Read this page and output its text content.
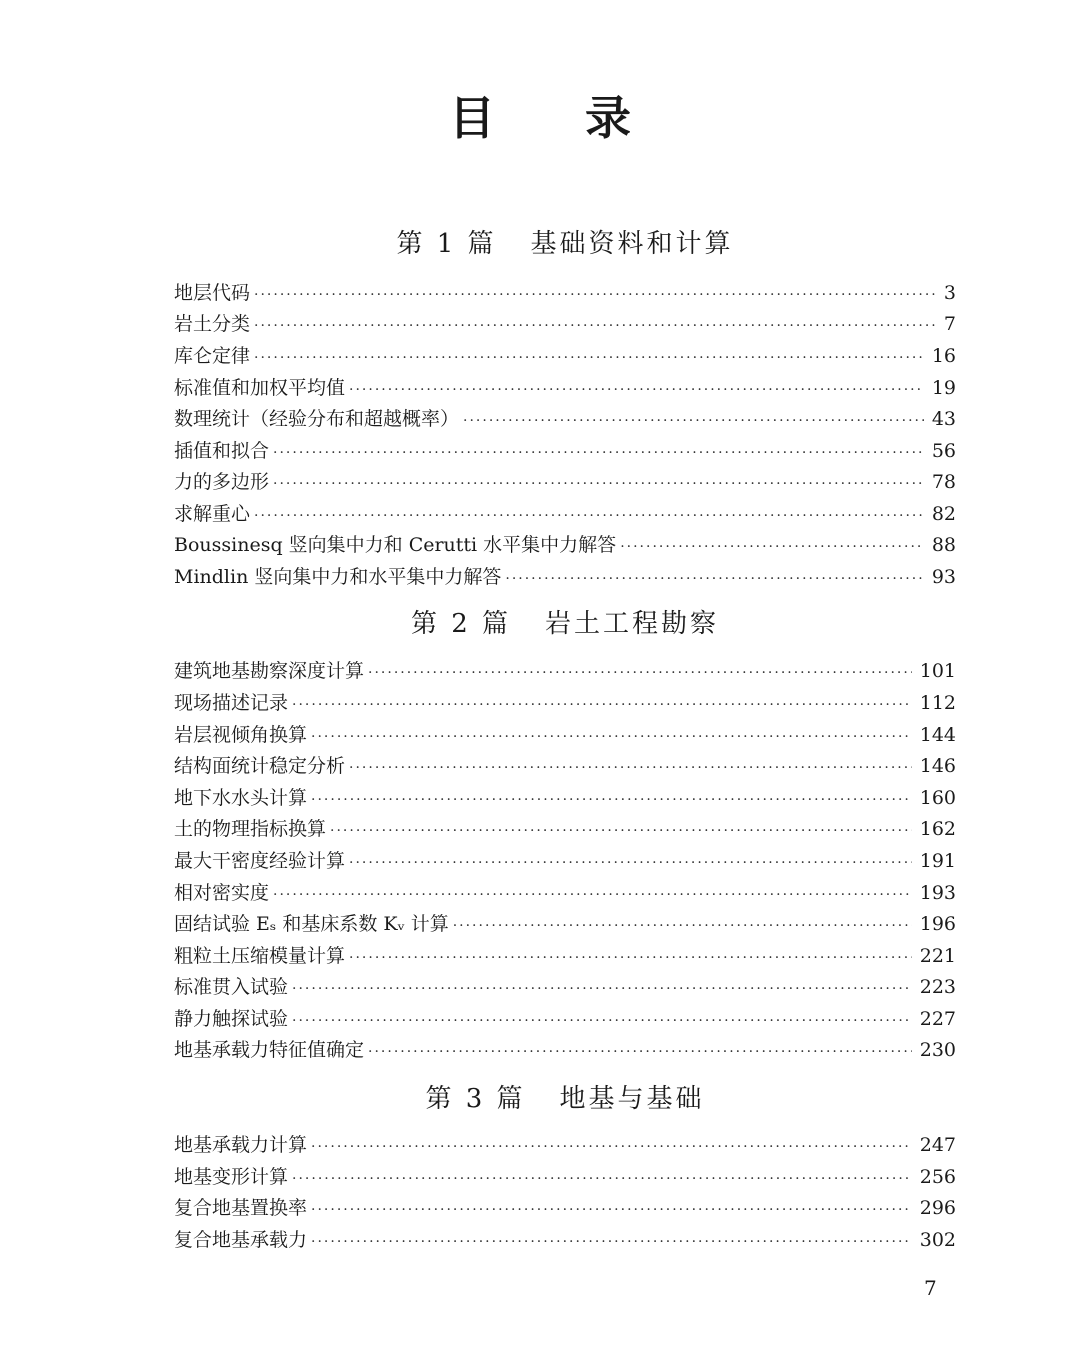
目录
第 1 篇 基础资料和计算
地层代码 ·····	3
岩土分类 ·····	7
库仑定律 ·····	16
标准值和加权平均值 ·····	19
数理统计（经验分布和超越概率） ·····	43
插值和拟合 ·····	56
力的多边形 ·····	78
求解重心 ·····	82
Boussinesq 竖向集中力和 Cerutti 水平集中力解答 ·····	88
Mindlin 竖向集中力和水平集中力解答 ·····	93
第 2 篇 岩土工程勘察
建筑地基勘察深度计算 ·····	101
现场描述记录 ·····	112
岩层视倾角换算 ·····	144
结构面统计稳定分析 ·····	146
地下水水头计算 ·····	160
土的物理指标换算 ·····	162
最大干密度经验计算 ·····	191
相对密实度 ·····	193
固结试验 Eₛ 和基床系数 Kᵥ 计算 ·····	196
粗粒土压缩模量计算 ·····	221
标准贯入试验 ·····	223
静力触探试验 ·····	227
地基承载力特征值确定 ·····	230
第 3 篇 地基与基础
地基承载力计算 ·····	247
地基变形计算 ·····	256
复合地基置换率 ·····	296
复合地基承载力 ·····	302
7
